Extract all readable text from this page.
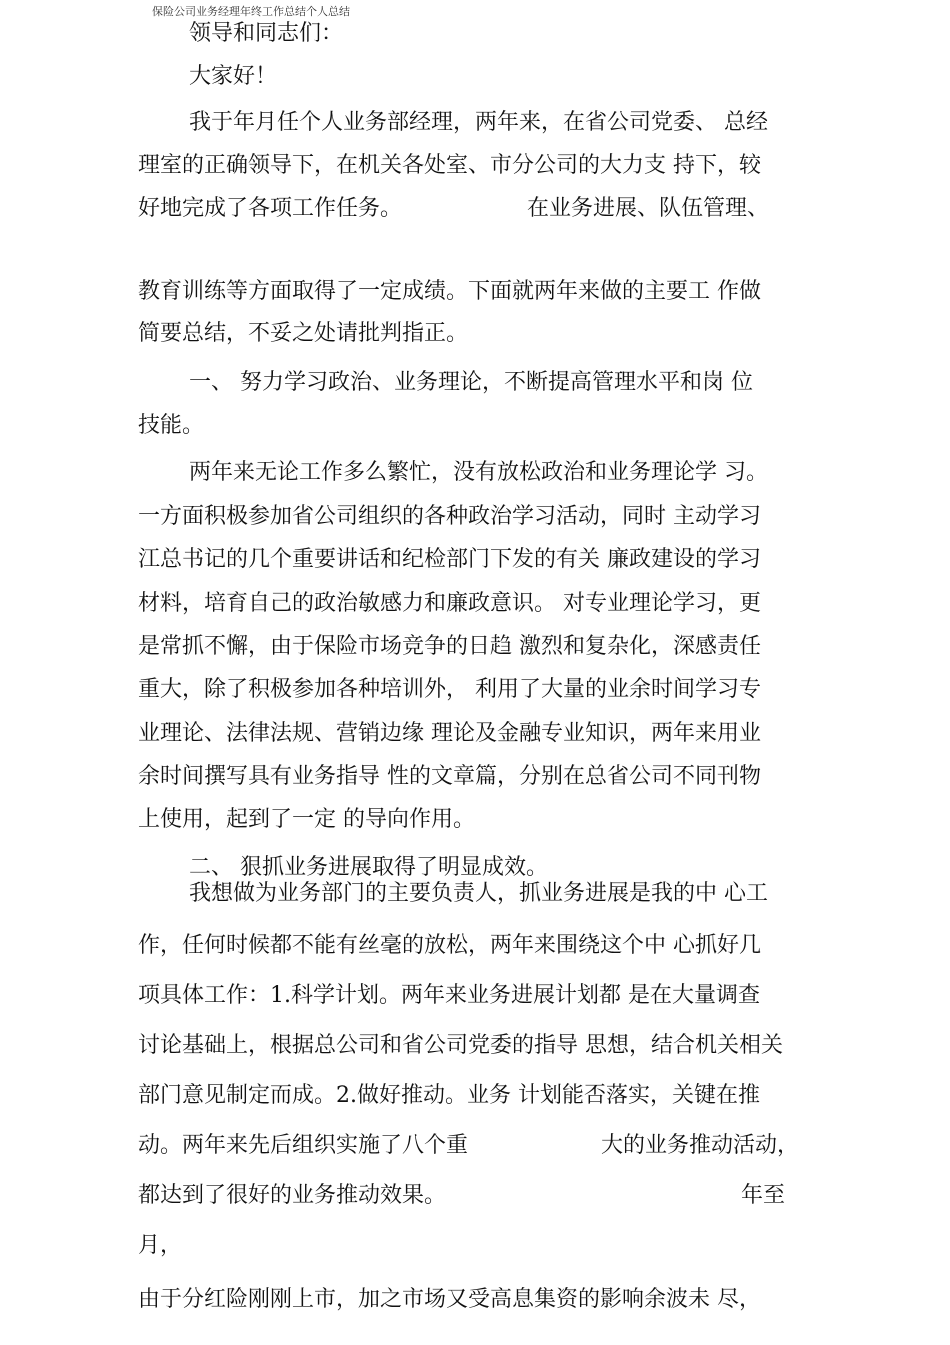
保险公司业务经理年终工作总结个人总结
领导和同志们：
大家好！
我于年月任个人业务部经理，两年来，在省公司党委、 总经
理室的正确领导下，在机关各处室、市分公司的大力支 持下，较
好地完成了各项工作任务。	在业务进展、队伍管理、
教育训练等方面取得了一定成绩。下面就两年来做的主要工 作做
简要总结，不妥之处请批判指正。
一、 努力学习政治、业务理论，不断提高管理水平和岗 位
技能。
两年来无论工作多么繁忙，没有放松政治和业务理论学 习。
一方面积极参加省公司组织的各种政治学习活动，同时 主动学习
江总书记的几个重要讲话和纪检部门下发的有关 廉政建设的学习
材料，培育自己的政治敏感力和廉政意识。 对专业理论学习，更
是常抓不懈，由于保险市场竞争的日趋 激烈和复杂化，深感责任
重大，除了积极参加各种培训外， 利用了大量的业余时间学习专
业理论、法律法规、营销边缘 理论及金融专业知识，两年来用业
余时间撰写具有业务指导 性的文章篇，分别在总省公司不同刊物
上使用，起到了一定 的导向作用。
二、 狠抓业务进展取得了明显成效。
我想做为业务部门的主要负责人，抓业务进展是我的中 心工
作，任何时候都不能有丝毫的放松，两年来围绕这个中 心抓好几
项具体工作：1.科学计划。两年来业务进展计划都 是在大量调查
讨论基础上，根据总公司和省公司党委的指导 思想，结合机关相关
部门意见制定而成。2.做好推动。业务 计划能否落实，关键在推
动。两年来先后组织实施了八个重	大的业务推动活动，
都达到了很好的业务推动效果。	年至
月，
由于分红险刚刚上市，加之市场又受高息集资的影响余波未 尽，
